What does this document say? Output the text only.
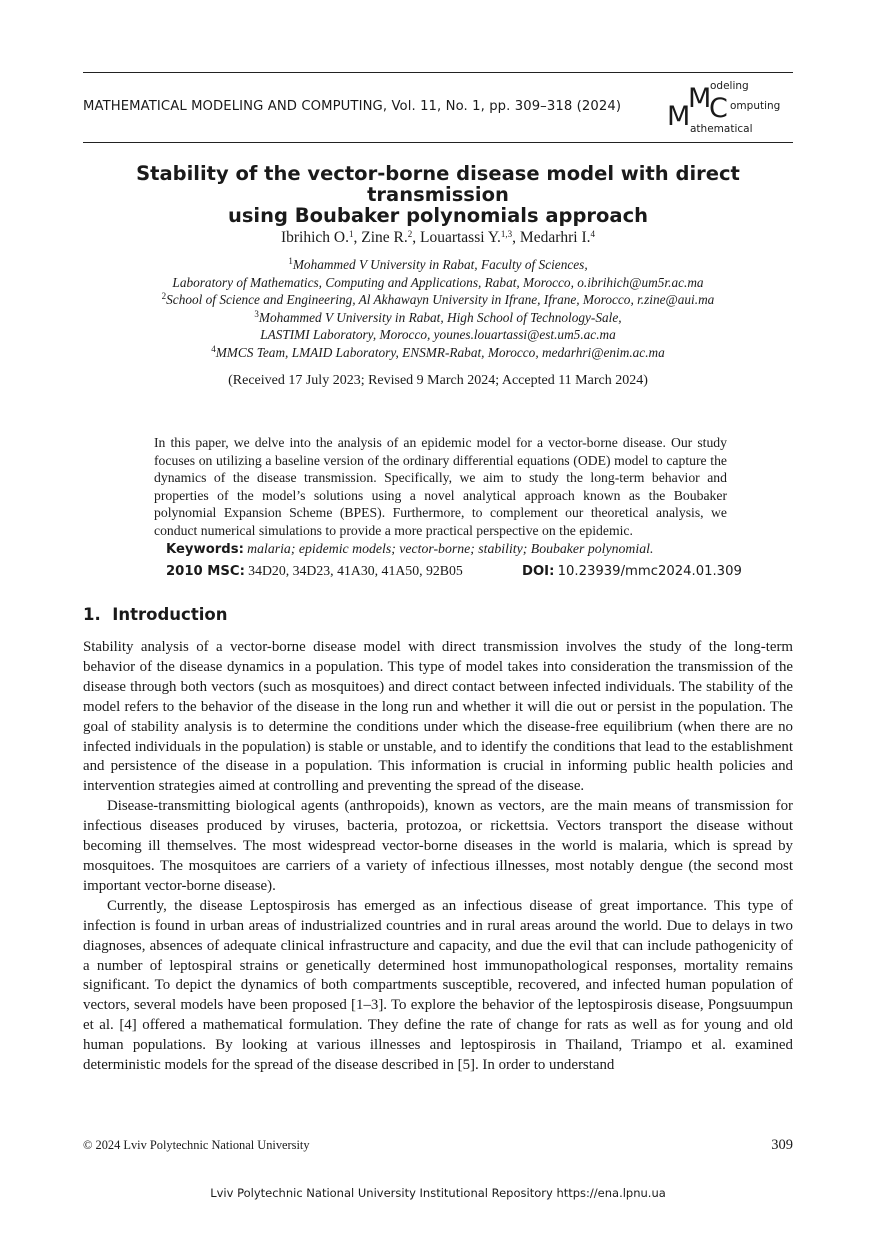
MATHEMATICAL MODELING AND COMPUTING, Vol. 11, No. 1, pp. 309–318 (2024) M
M
C
odeling
omputing
athematical
Stability of the vector-borne disease model with direct transmission
using Boubaker polynomials approach
Ibrihich O.$^1$, Zine R.$^2$, Louartassi Y.$^{1,3}$, Medarhri I.$^4$
$^1$Mohammed V University in Rabat, Faculty of Sciences,
Laboratory of Mathematics, Computing and Applications, Rabat, Morocco, o.ibrihich@um5r.ac.ma
$^2$School of Science and Engineering, Al Akhawayn University in Ifrane, Ifrane, Morocco, r.zine@aui.ma
$^3$Mohammed V University in Rabat, High School of Technology-Sale,
LASTIMI Laboratory, Morocco, younes.louartassi@est.um5.ac.ma
$^4$MMCS Team, LMAID Laboratory, ENSMR-Rabat, Morocco, medarhri@enim.ac.ma
(Received 17 July 2023; Revised 9 March 2024; Accepted 11 March 2024)
In this paper, we delve into the analysis of an epidemic model for a vector-borne disease. Our study focuses on utilizing a baseline version of the ordinary differential equations (ODE) model to capture the dynamics of the disease transmission. Specifically, we aim to study the long-term behavior and properties of the model’s solutions using a novel analytical approach known as the Boubaker polynomial Expansion Scheme (BPES). Furthermore, to complement our theoretical analysis, we conduct numerical simulations to provide a more practical perspective on the epidemic.
Keywords: malaria; epidemic models; vector-borne; stability; Boubaker polynomial.
2010 MSC: 34D20, 34D23, 41A30, 41A50, 92B05	DOI: 10.23939/mmc2024.01.309
1. Introduction

Stability analysis of a vector-borne disease model with direct transmission involves the study of the long-term behavior of the disease dynamics in a population. This type of model takes into consideration the transmission of the disease through both vectors (such as mosquitoes) and direct contact between infected individuals. The stability of the model refers to the behavior of the disease in the long run and whether it will die out or persist in the population. The goal of stability analysis is to determine the conditions under which the disease-free equilibrium (when there are no infected individuals in the population) is stable or unstable, and to identify the conditions that lead to the establishment and persistence of the disease in a population. This information is crucial in informing public health policies and intervention strategies aimed at controlling and preventing the spread of the disease.

Disease-transmitting biological agents (anthropoids), known as vectors, are the main means of transmission for infectious diseases produced by viruses, bacteria, protozoa, or rickettsia. Vectors transport the disease without becoming ill themselves. The most widespread vector-borne diseases in the world is malaria, which is spread by mosquitoes. The mosquitoes are carriers of a variety of infectious illnesses, most notably dengue (the second most important vector-borne disease).

Currently, the disease Leptospirosis has emerged as an infectious disease of great importance. This type of infection is found in urban areas of industrialized countries and in rural areas around the world. Due to delays in two diagnoses, absences of adequate clinical infrastructure and capacity, and due the evil that can include pathogenicity of a number of leptospiral strains or genetically determined host immunopathological responses, mortality remains significant. To depict the dynamics of both compartments susceptible, recovered, and infected human population of vectors, several models have been proposed [1–3]. To explore the behavior of the leptospirosis disease, Pongsuumpun et al. [4] offered a mathematical formulation. They define the rate of change for rats as well as for young and old human populations. By looking at various illnesses and leptospirosis in Thailand, Triampo et al. examined deterministic models for the spread of the disease described in [5]. In order to understand

© 2024 Lviv Polytechnic National University	309
Lviv Polytechnic National University Institutional Repository https://ena.lpnu.ua
